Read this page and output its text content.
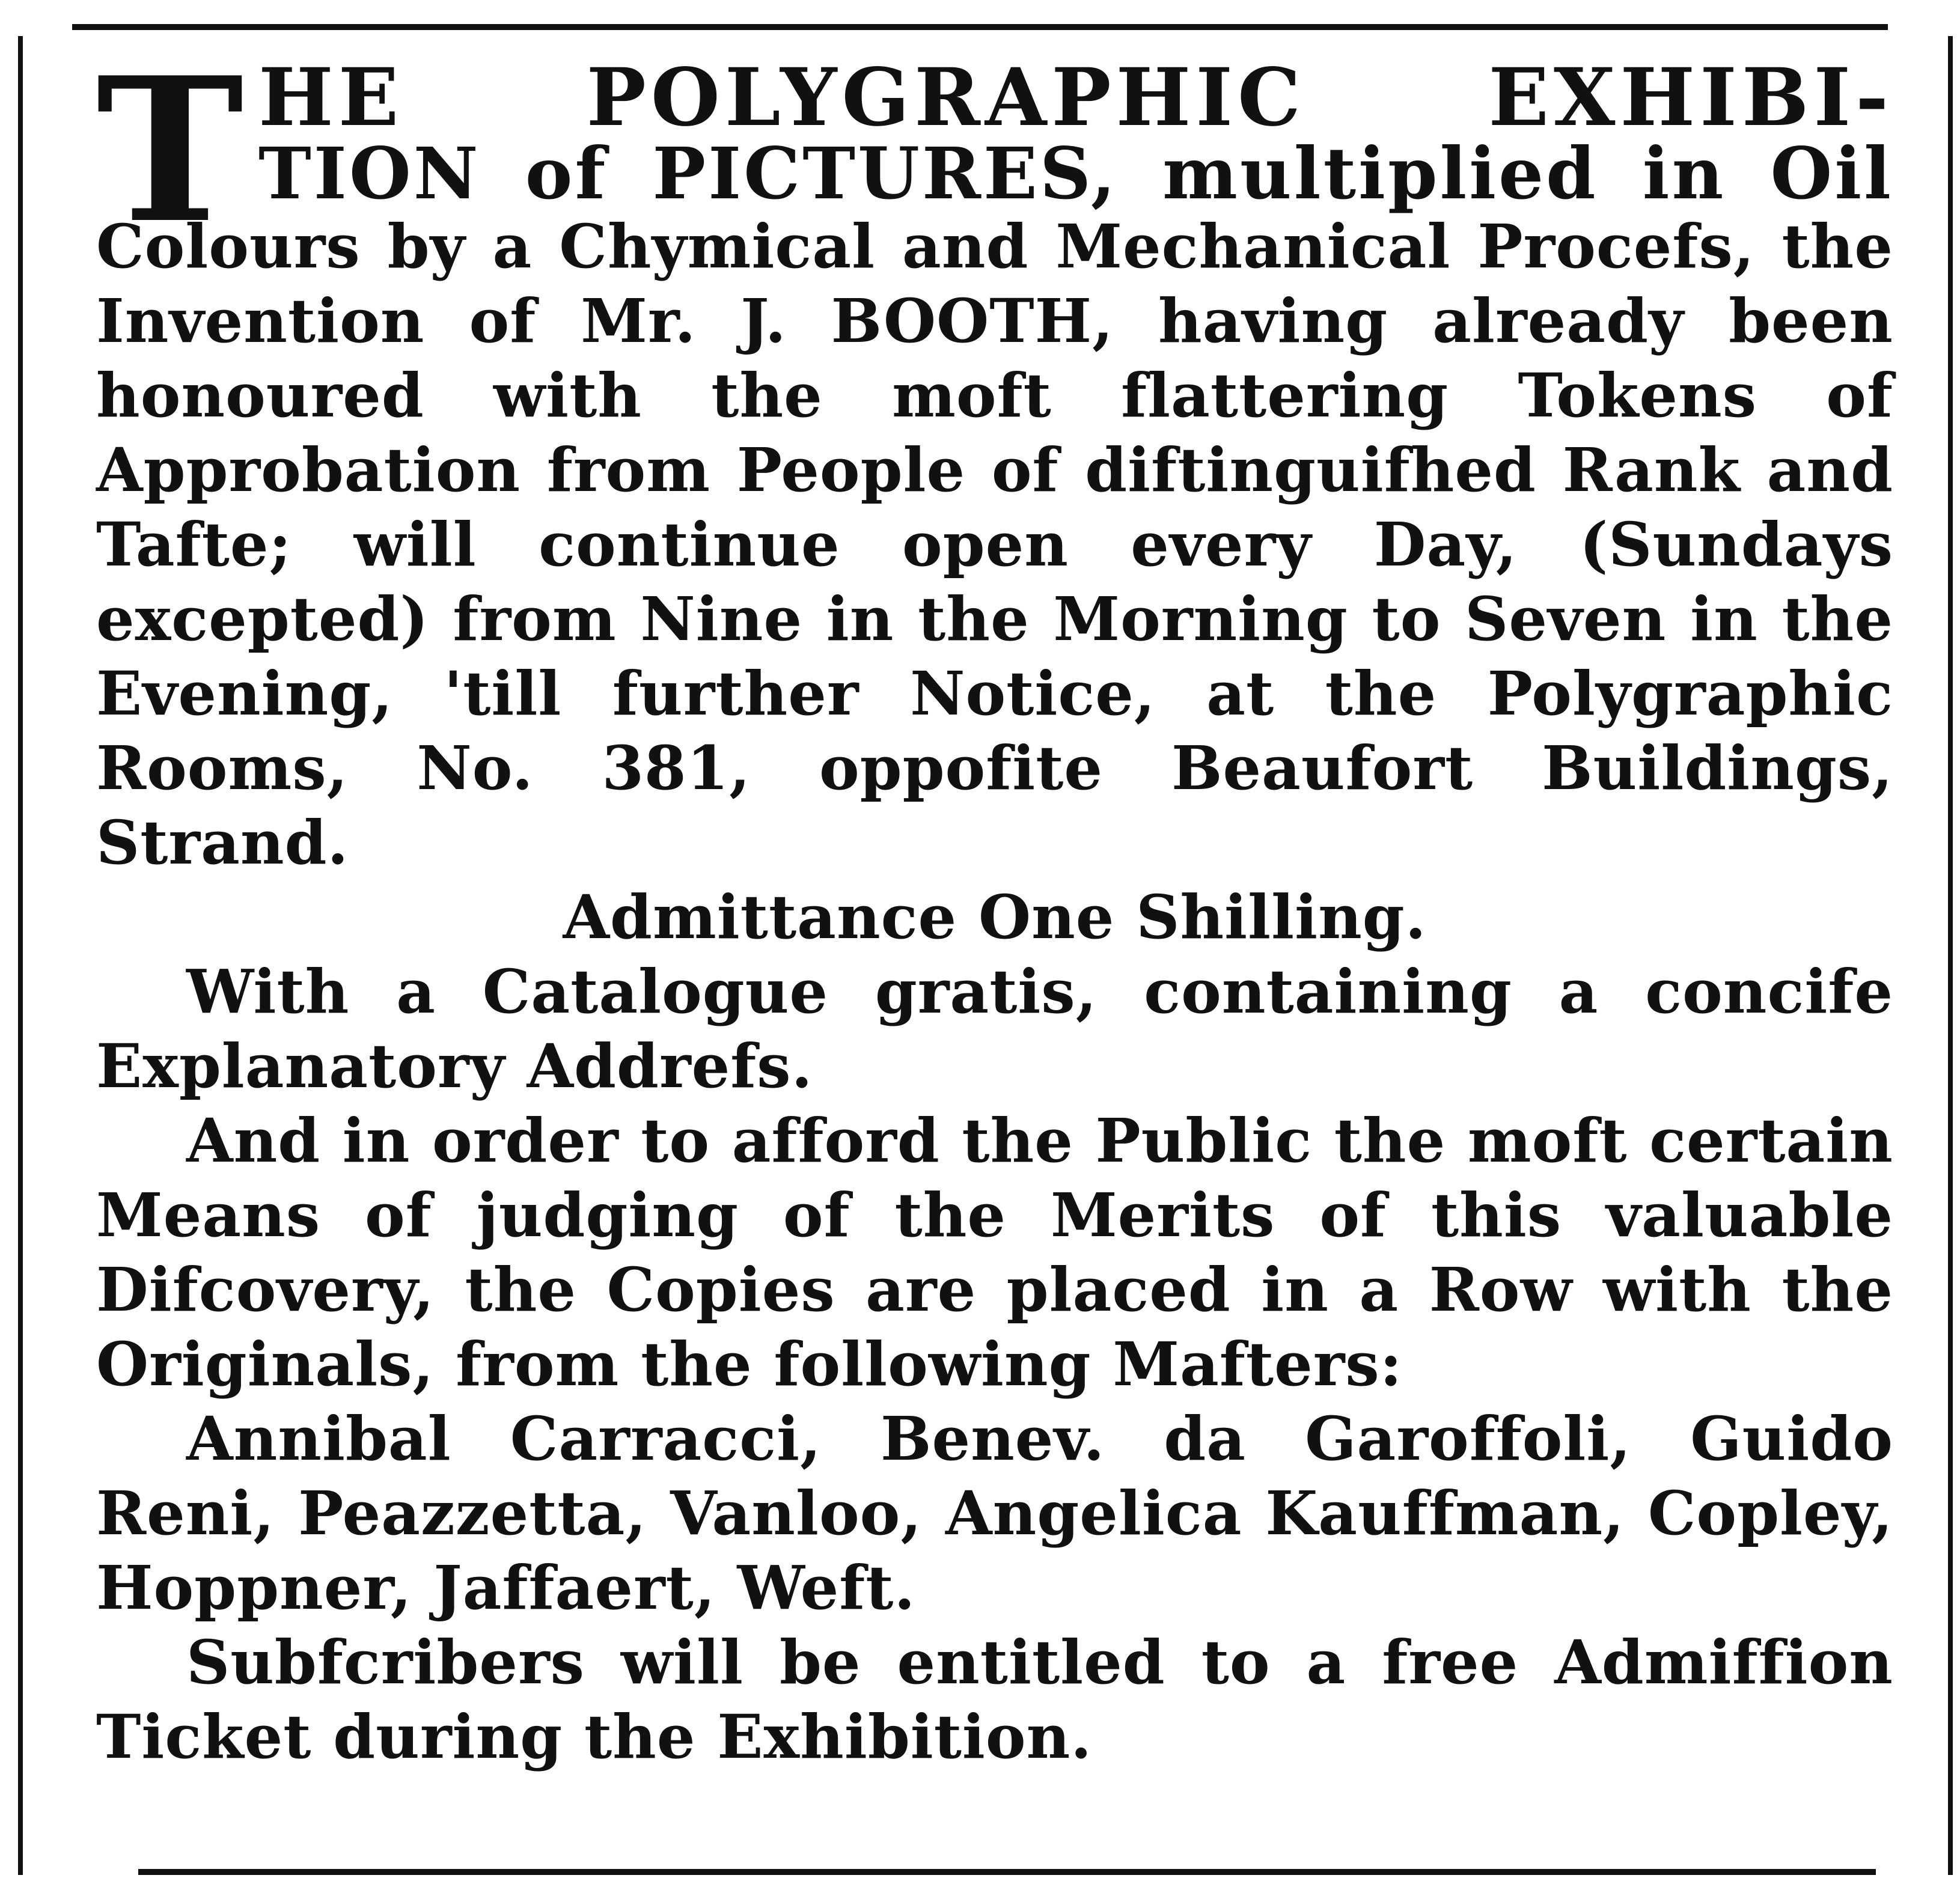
T HE POLYGRAPHIC EXHIBI-
TION of PICTURES, multiplied in Oil

Colours by a Chymical and Mechanical Procefs, the Invention of Mr. J. BOOTH, having already been honoured with the moft flattering Tokens of Approbation from People of diftinguifhed Rank and Tafte; will continue open every Day, (Sundays excepted) from Nine in the Morning to Seven in the Evening, 'till further Notice, at the Polygraphic Rooms, No. 381, oppofite Beaufort Buildings, Strand.

Admittance One Shilling.

With a Catalogue gratis, containing a concife Explanatory Addrefs.

And in order to afford the Public the moft certain Means of judging of the Merits of this valuable Difcovery, the Copies are placed in a Row with the Originals, from the following Mafters:

Annibal Carracci, Benev. da Garoffoli, Guido Reni, Peazzetta, Vanloo, Angelica Kauffman, Copley, Hoppner, Jaffaert, Weft.

Subfcribers will be entitled to a free Admiffion Ticket during the Exhibition.
